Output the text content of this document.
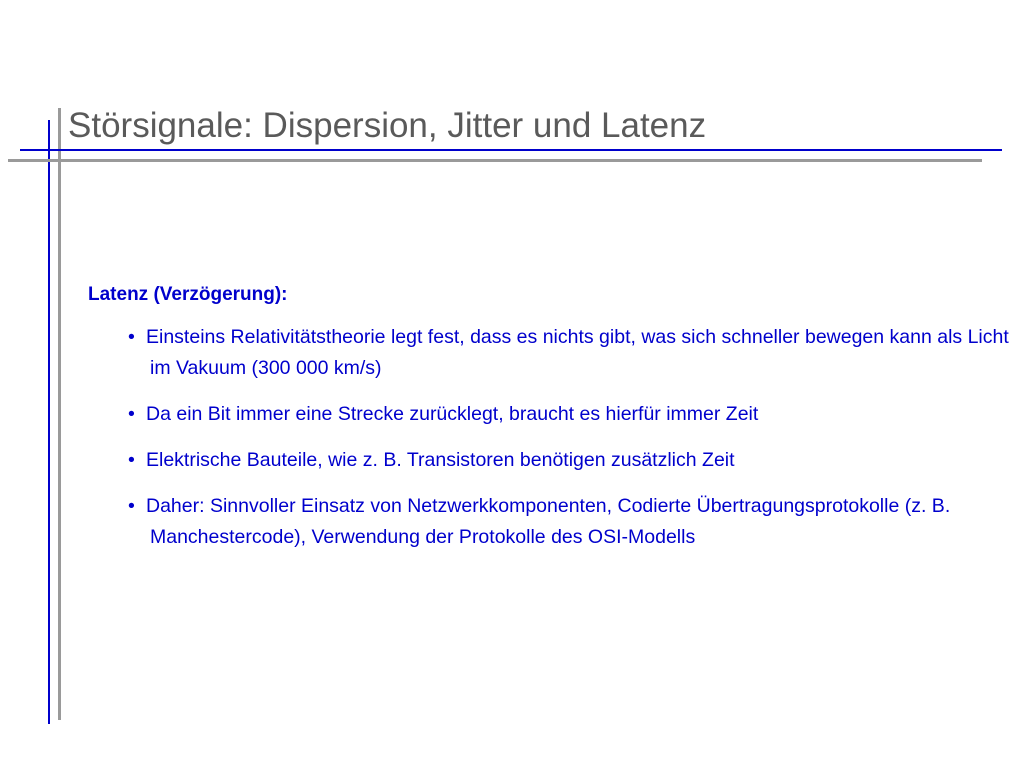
Störsignale: Dispersion, Jitter und Latenz

Latenz (Verzögerung):

• Einsteins Relativitätstheorie legt fest, dass es nichts gibt, was sich schneller bewegen kann als Licht im Vakuum (300 000 km/s)
• Da ein Bit immer eine Strecke zurücklegt, braucht es hierfür immer Zeit
• Elektrische Bauteile, wie z. B. Transistoren benötigen zusätzlich Zeit
• Daher: Sinnvoller Einsatz von Netzwerkkomponenten, Codierte Übertragungsprotokolle (z. B. Manchestercode), Verwendung der Protokolle des OSI-Modells
